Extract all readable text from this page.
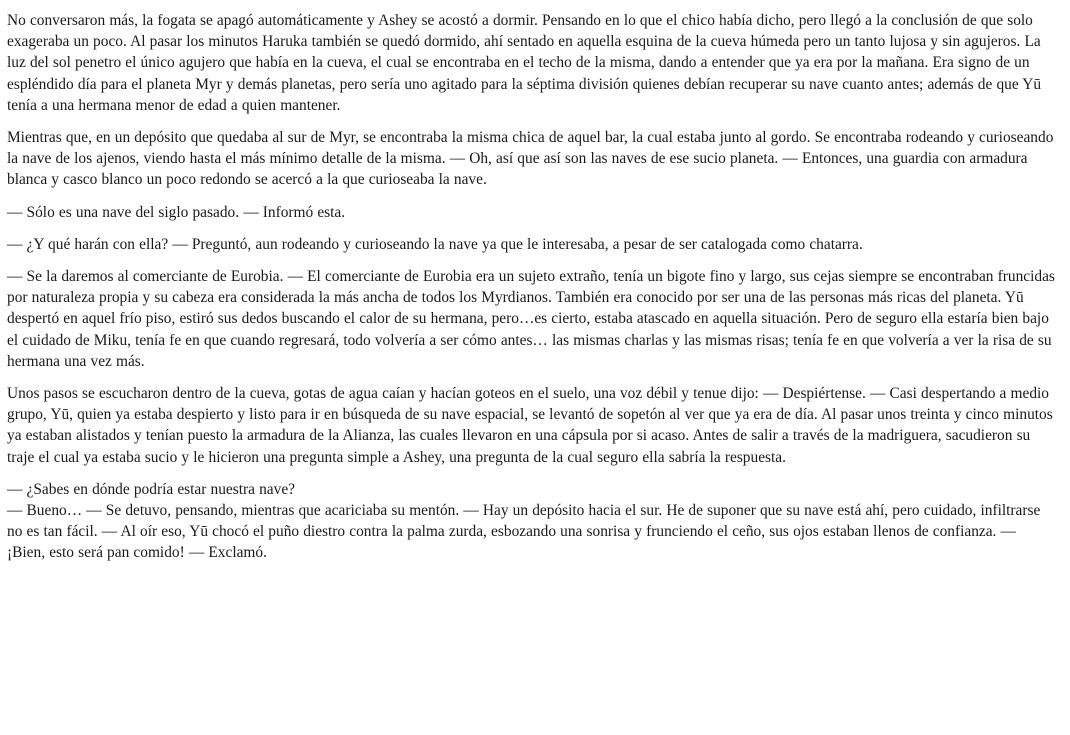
No conversaron más, la fogata se apagó automáticamente y Ashey se acostó a dormir. Pensando en lo que el chico había dicho, pero llegó a la conclusión de que solo exageraba un poco. Al pasar los minutos Haruka también se quedó dormido, ahí sentado en aquella esquina de la cueva húmeda pero un tanto lujosa y sin agujeros. La luz del sol penetro el único agujero que había en la cueva, el cual se encontraba en el techo de la misma, dando a entender que ya era por la mañana. Era signo de un espléndido día para el planeta Myr y demás planetas, pero sería uno agitado para la séptima división quienes debían recuperar su nave cuanto antes; además de que Yū tenía a una hermana menor de edad a quien mantener.

Mientras que, en un depósito que quedaba al sur de Myr, se encontraba la misma chica de aquel bar, la cual estaba junto al gordo. Se encontraba rodeando y curioseando la nave de los ajenos, viendo hasta el más mínimo detalle de la misma. — Oh, así que así son las naves de ese sucio planeta. — Entonces, una guardia con armadura blanca y casco blanco un poco redondo se acercó a la que curioseaba la nave.

— Sólo es una nave del siglo pasado. — Informó esta.

— ¿Y qué harán con ella? — Preguntó, aun rodeando y curioseando la nave ya que le interesaba, a pesar de ser catalogada como chatarra.

— Se la daremos al comerciante de Eurobia. — El comerciante de Eurobia era un sujeto extraño, tenía un bigote fino y largo, sus cejas siempre se encontraban fruncidas por naturaleza propia y su cabeza era considerada la más ancha de todos los Myrdianos. También era conocido por ser una de las personas más ricas del planeta. Yū despertó en aquel frío piso, estiró sus dedos buscando el calor de su hermana, pero…es cierto, estaba atascado en aquella situación. Pero de seguro ella estaría bien bajo el cuidado de Miku, tenía fe en que cuando regresará, todo volvería a ser cómo antes… las mismas charlas y las mismas risas; tenía fe en que volvería a ver la risa de su hermana una vez más.

Unos pasos se escucharon dentro de la cueva, gotas de agua caían y hacían goteos en el suelo, una voz débil y tenue dijo: — Despiértense. — Casi despertando a medio grupo, Yū, quien ya estaba despierto y listo para ir en búsqueda de su nave espacial, se levantó de sopetón al ver que ya era de día. Al pasar unos treinta y cinco minutos ya estaban alistados y tenían puesto la armadura de la Alianza, las cuales llevaron en una cápsula por si acaso. Antes de salir a través de la madriguera, sacudieron su traje el cual ya estaba sucio y le hicieron una pregunta simple a Ashey, una pregunta de la cual seguro ella sabría la respuesta.

— ¿Sabes en dónde podría estar nuestra nave?

— Bueno… — Se detuvo, pensando, mientras que acariciaba su mentón. — Hay un depósito hacia el sur. He de suponer que su nave está ahí, pero cuidado, infiltrarse no es tan fácil. — Al oír eso, Yū chocó el puño diestro contra la palma zurda, esbozando una sonrisa y frunciendo el ceño, sus ojos estaban llenos de confianza. — ¡Bien, esto será pan comido! — Exclamó.
